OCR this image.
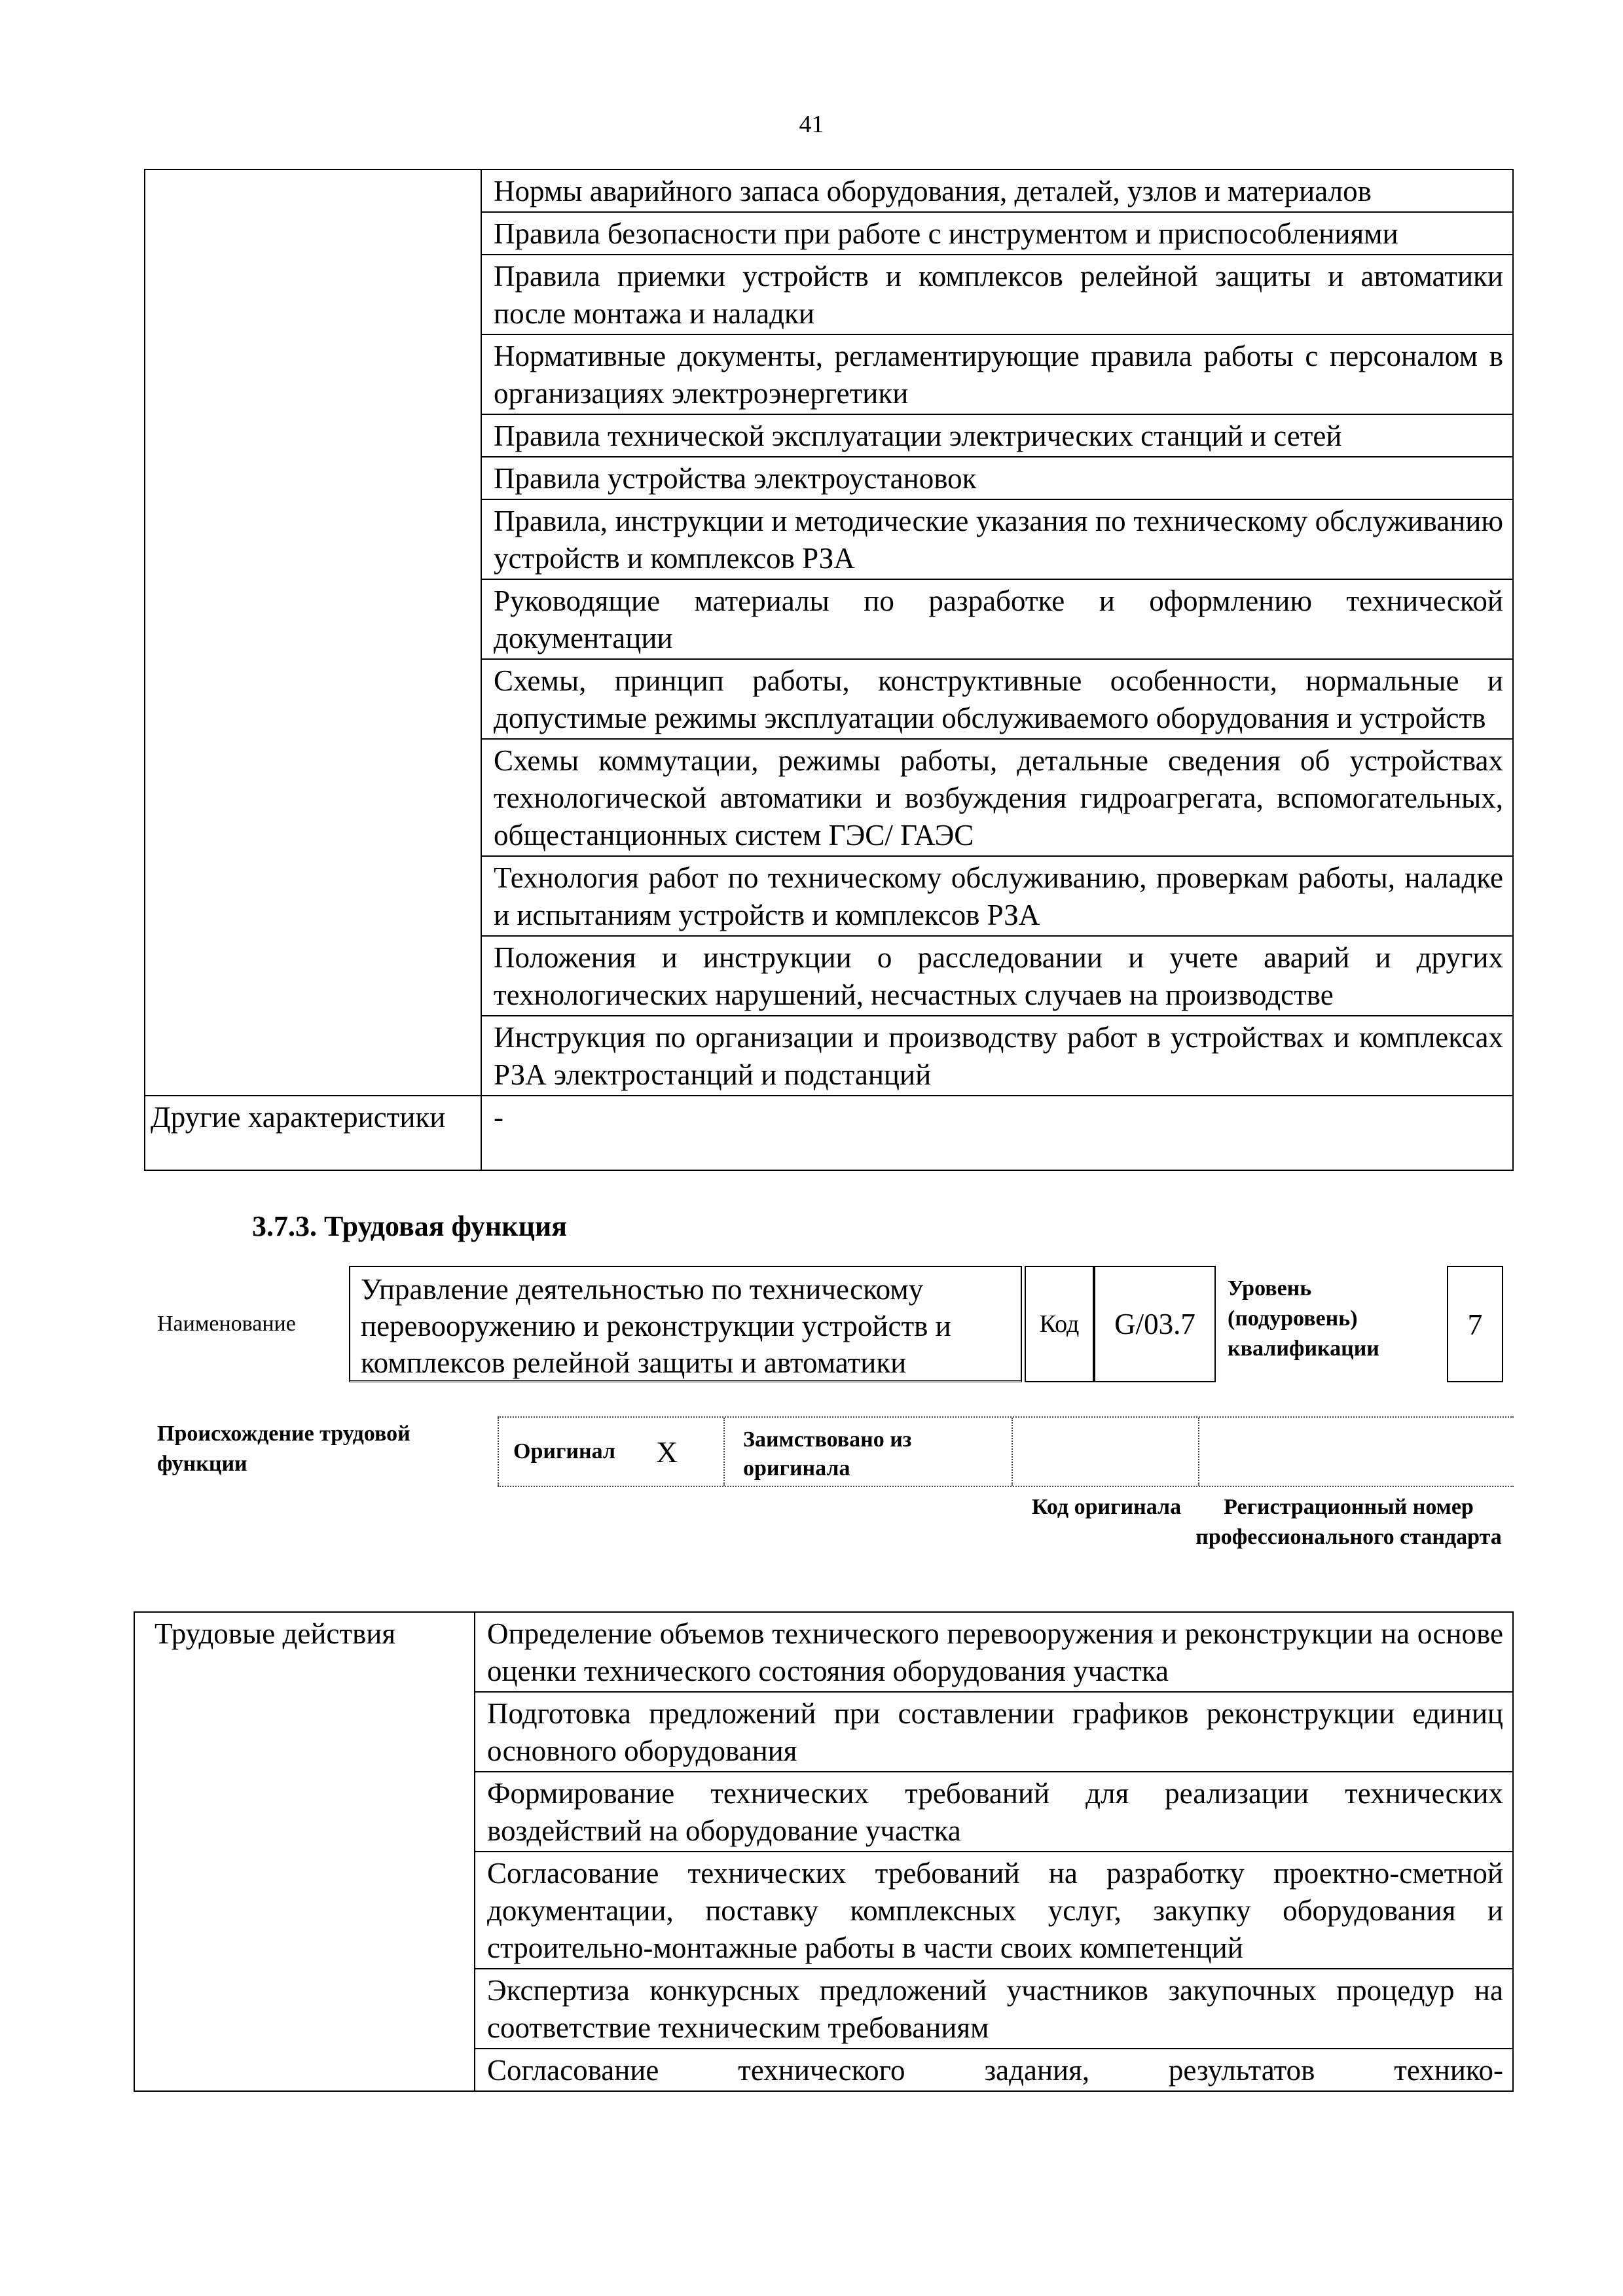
41
	Нормы аварийного запаса оборудования, деталей, узлов и материалов
	Правила безопасности при работе с инструментом и приспособлениями
	Правила приемки устройств и комплексов релейной защиты и автоматики после монтажа и наладки
	Нормативные документы, регламентирующие правила работы с персоналом в организациях электроэнергетики
	Правила технической эксплуатации электрических станций и сетей
	Правила устройства электроустановок
	Правила, инструкции и методические указания по техническому обслуживанию устройств и комплексов РЗА
	Руководящие материалы по разработке и оформлению технической документации
	Схемы, принцип работы, конструктивные особенности, нормальные и допустимые режимы эксплуатации обслуживаемого оборудования и устройств
	Схемы коммутации, режимы работы, детальные сведения об устройствах технологической автоматики и возбуждения гидроагрегата, вспомогательных, общестанционных систем ГЭС/ ГАЭС
	Технология работ по техническому обслуживанию, проверкам работы, наладке и испытаниям устройств и комплексов РЗА
	Положения и инструкции о расследовании и учете аварий и других технологических нарушений, несчастных случаев на производстве
	Инструкция по организации и производству работ в устройствах и комплексах РЗА электростанций и подстанций
Другие характеристики	-
3.7.3. Трудовая функция
Наименование
Управление деятельностью по техническому перевооружению и реконструкции устройств и комплексов релейной защиты и автоматики
Код	G/03.7
Уровень (подуровень) квалификации
7
Происхождение трудовой функции
Оригинал X	Заимствовано из оригинала
Код оригинала	Регистрационный номер профессионального стандарта
Трудовые действия	Определение объемов технического перевооружения и реконструкции на основе оценки технического состояния оборудования участка
Подготовка предложений при составлении графиков реконструкции единиц основного оборудования
Формирование технических требований для реализации технических воздействий на оборудование участка
Согласование технических требований на разработку проектно-сметной документации, поставку комплексных услуг, закупку оборудования и строительно-монтажные работы в части своих компетенций
Экспертиза конкурсных предложений участников закупочных процедур на соответствие техническим требованиям
Согласование технического задания, результатов технико-
